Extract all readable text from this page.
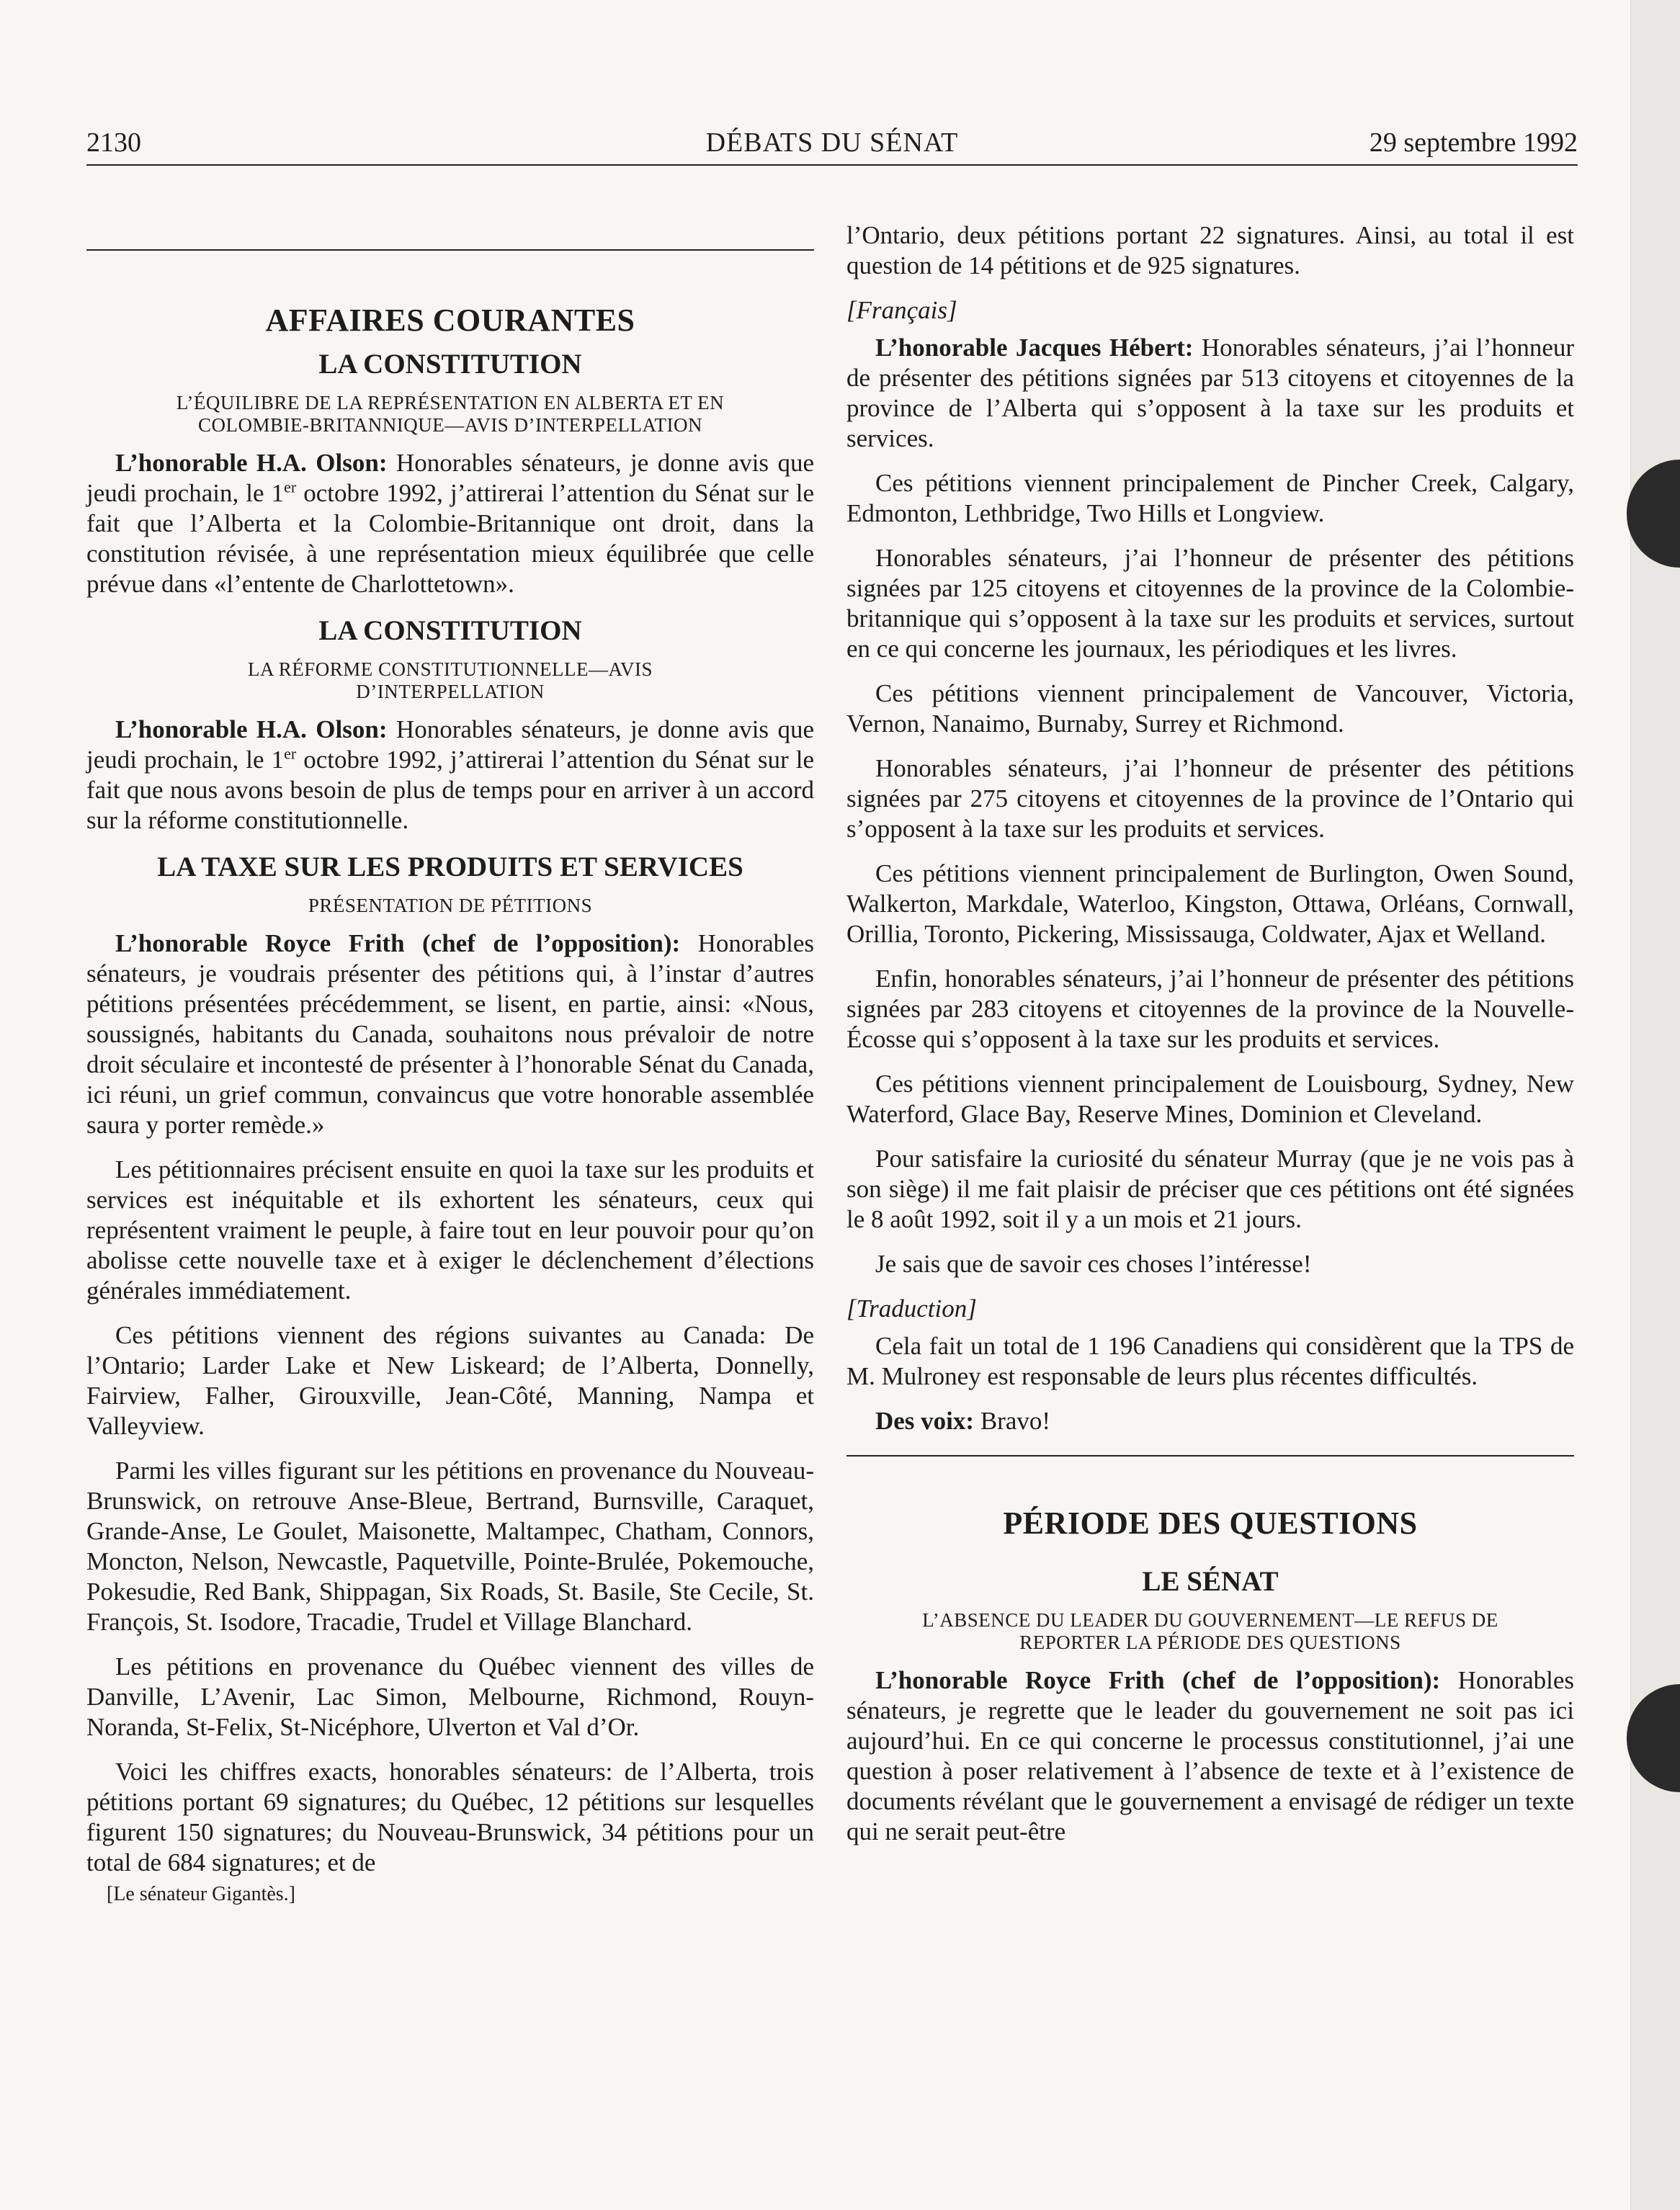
2130	DÉBATS DU SÉNAT	29 septembre 1992
AFFAIRES COURANTES
LA CONSTITUTION
L’ÉQUILIBRE DE LA REPRÉSENTATION EN ALBERTA ET EN
COLOMBIE-BRITANNIQUE—AVIS D’INTERPELLATION

L’honorable H.A. Olson: Honorables sénateurs, je donne avis que jeudi prochain, le 1er octobre 1992, j’attirerai l’attention du Sénat sur le fait que l’Alberta et la Colombie-Britannique ont droit, dans la constitution révisée, à une représentation mieux équilibrée que celle prévue dans «l’entente de Charlottetown».

LA CONSTITUTION
LA RÉFORME CONSTITUTIONNELLE—AVIS
D’INTERPELLATION

L’honorable H.A. Olson: Honorables sénateurs, je donne avis que jeudi prochain, le 1er octobre 1992, j’attirerai l’attention du Sénat sur le fait que nous avons besoin de plus de temps pour en arriver à un accord sur la réforme constitutionnelle.

LA TAXE SUR LES PRODUITS ET SERVICES
PRÉSENTATION DE PÉTITIONS

L’honorable Royce Frith (chef de l’opposition): Honorables sénateurs, je voudrais présenter des pétitions qui, à l’instar d’autres pétitions présentées précédemment, se lisent, en partie, ainsi: «Nous, soussignés, habitants du Canada, souhaitons nous prévaloir de notre droit séculaire et incontesté de présenter à l’honorable Sénat du Canada, ici réuni, un grief commun, convaincus que votre honorable assemblée saura y porter remède.»

Les pétitionnaires précisent ensuite en quoi la taxe sur les produits et services est inéquitable et ils exhortent les sénateurs, ceux qui représentent vraiment le peuple, à faire tout en leur pouvoir pour qu’on abolisse cette nouvelle taxe et à exiger le déclenchement d’élections générales immédiatement.

Ces pétitions viennent des régions suivantes au Canada: De l’Ontario; Larder Lake et New Liskeard; de l’Alberta, Donnelly, Fairview, Falher, Girouxville, Jean-Côté, Manning, Nampa et Valleyview.

Parmi les villes figurant sur les pétitions en provenance du Nouveau-Brunswick, on retrouve Anse-Bleue, Bertrand, Burnsville, Caraquet, Grande-Anse, Le Goulet, Maisonette, Maltampec, Chatham, Connors, Moncton, Nelson, Newcastle, Paquetville, Pointe-Brulée, Pokemouche, Pokesudie, Red Bank, Shippagan, Six Roads, St. Basile, Ste Cecile, St. François, St. Isodore, Tracadie, Trudel et Village Blanchard.

Les pétitions en provenance du Québec viennent des villes de Danville, L’Avenir, Lac Simon, Melbourne, Richmond, Rouyn-Noranda, St-Felix, St-Nicéphore, Ulverton et Val d’Or.

Voici les chiffres exacts, honorables sénateurs: de l’Alberta, trois pétitions portant 69 signatures; du Québec, 12 pétitions sur lesquelles figurent 150 signatures; du Nouveau-Brunswick, 34 pétitions pour un total de 684 signatures; et de

[Le sénateur Gigantès.]

l’Ontario, deux pétitions portant 22 signatures. Ainsi, au total il est question de 14 pétitions et de 925 signatures.

[Français]

L’honorable Jacques Hébert: Honorables sénateurs, j’ai l’honneur de présenter des pétitions signées par 513 citoyens et citoyennes de la province de l’Alberta qui s’opposent à la taxe sur les produits et services.

Ces pétitions viennent principalement de Pincher Creek, Calgary, Edmonton, Lethbridge, Two Hills et Longview.

Honorables sénateurs, j’ai l’honneur de présenter des pétitions signées par 125 citoyens et citoyennes de la province de la Colombie-britannique qui s’opposent à la taxe sur les produits et services, surtout en ce qui concerne les journaux, les périodiques et les livres.

Ces pétitions viennent principalement de Vancouver, Victoria, Vernon, Nanaimo, Burnaby, Surrey et Richmond.

Honorables sénateurs, j’ai l’honneur de présenter des pétitions signées par 275 citoyens et citoyennes de la province de l’Ontario qui s’opposent à la taxe sur les produits et services.

Ces pétitions viennent principalement de Burlington, Owen Sound, Walkerton, Markdale, Waterloo, Kingston, Ottawa, Orléans, Cornwall, Orillia, Toronto, Pickering, Mississauga, Coldwater, Ajax et Welland.

Enfin, honorables sénateurs, j’ai l’honneur de présenter des pétitions signées par 283 citoyens et citoyennes de la province de la Nouvelle-Écosse qui s’opposent à la taxe sur les produits et services.

Ces pétitions viennent principalement de Louisbourg, Sydney, New Waterford, Glace Bay, Reserve Mines, Dominion et Cleveland.

Pour satisfaire la curiosité du sénateur Murray (que je ne vois pas à son siège) il me fait plaisir de préciser que ces pétitions ont été signées le 8 août 1992, soit il y a un mois et 21 jours.

Je sais que de savoir ces choses l’intéresse!

[Traduction]

Cela fait un total de 1 196 Canadiens qui considèrent que la TPS de M. Mulroney est responsable de leurs plus récentes difficultés.

Des voix: Bravo!

PÉRIODE DES QUESTIONS
LE SÉNAT
L’ABSENCE DU LEADER DU GOUVERNEMENT—LE REFUS DE
REPORTER LA PÉRIODE DES QUESTIONS

L’honorable Royce Frith (chef de l’opposition): Honorables sénateurs, je regrette que le leader du gouvernement ne soit pas ici aujourd’hui. En ce qui concerne le processus constitutionnel, j’ai une question à poser relativement à l’absence de texte et à l’existence de documents révélant que le gouvernement a envisagé de rédiger un texte qui ne serait peut-être
